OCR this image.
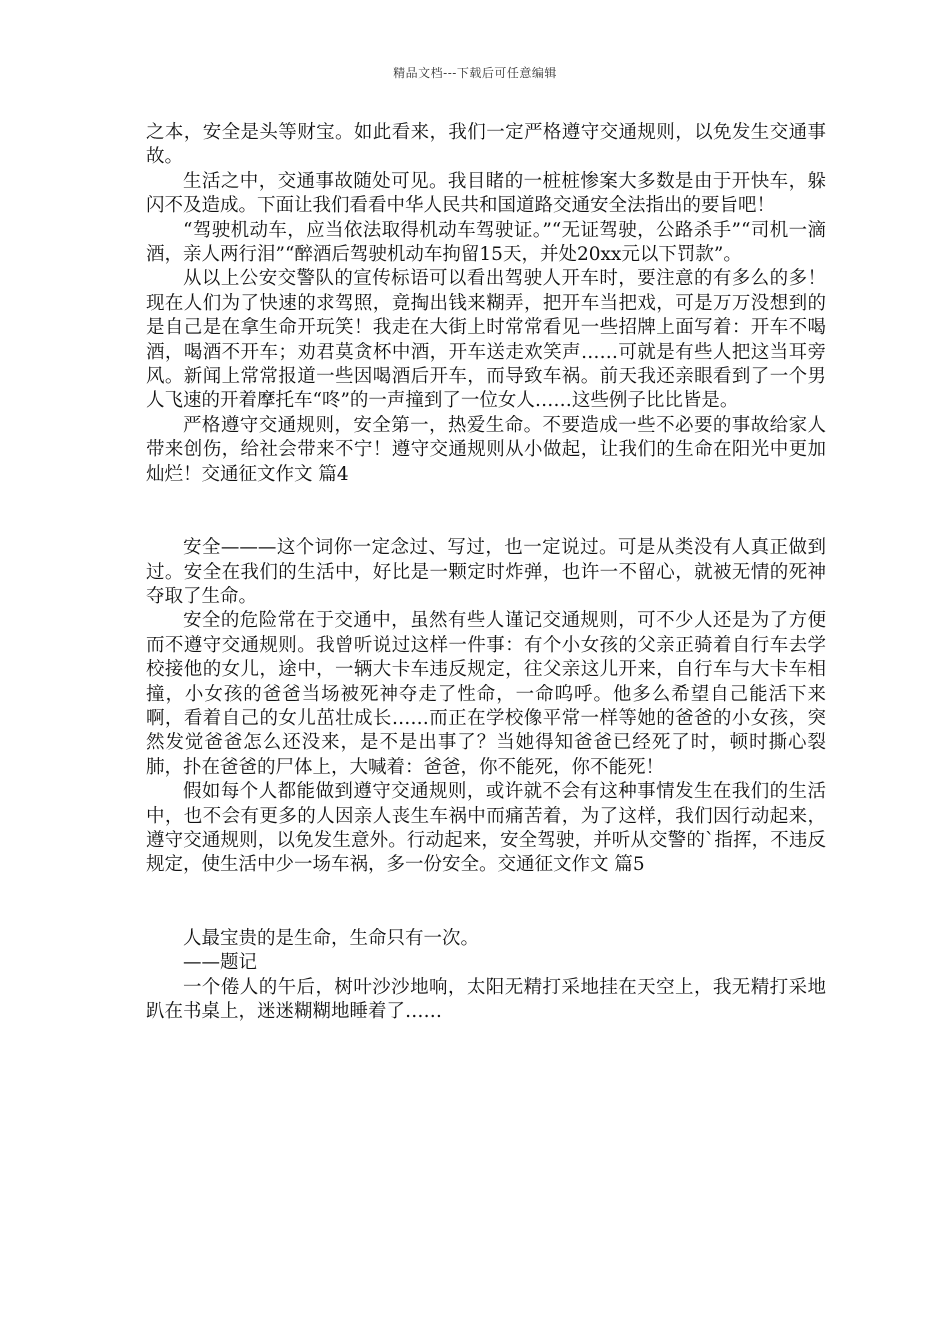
精品文档---下载后可任意编辑

之本，安全是头等财宝。如此看来，我们一定严格遵守交通规则，以免发生交通事故。

生活之中，交通事故随处可见。我目睹的一桩桩惨案大多数是由于开快车，躲闪不及造成。下面让我们看看中华人民共和国道路交通安全法指出的要旨吧！

“驾驶机动车，应当依法取得机动车驾驶证。”“无证驾驶，公路杀手”“司机一滴酒，亲人两行泪”“醉酒后驾驶机动车拘留15天，并处20xx元以下罚款”。

从以上公安交警队的宣传标语可以看出驾驶人开车时，要注意的有多么的多！现在人们为了快速的求驾照，竟掏出钱来糊弄，把开车当把戏，可是万万没想到的是自己是在拿生命开玩笑！我走在大街上时常常看见一些招牌上面写着：开车不喝酒，喝酒不开车；劝君莫贪杯中酒，开车送走欢笑声……可就是有些人把这当耳旁风。新闻上常常报道一些因喝酒后开车，而导致车祸。前天我还亲眼看到了一个男人飞速的开着摩托车“咚”的一声撞到了一位女人……这些例子比比皆是。

严格遵守交通规则，安全第一，热爱生命。不要造成一些不必要的事故给家人带来创伤，给社会带来不宁！遵守交通规则从小做起，让我们的生命在阳光中更加灿烂！交通征文作文 篇4

安全———这个词你一定念过、写过，也一定说过。可是从类没有人真正做到过。安全在我们的生活中，好比是一颗定时炸弹，也许一不留心，就被无情的死神夺取了生命。

安全的危险常在于交通中，虽然有些人谨记交通规则，可不少人还是为了方便而不遵守交通规则。我曾听说过这样一件事：有个小女孩的父亲正骑着自行车去学校接他的女儿，途中，一辆大卡车违反规定，往父亲这儿开来，自行车与大卡车相撞，小女孩的爸爸当场被死神夺走了性命，一命呜呼。他多么希望自己能活下来啊，看着自己的女儿茁壮成长……而正在学校像平常一样等她的爸爸的小女孩，突然发觉爸爸怎么还没来，是不是出事了？当她得知爸爸已经死了时，顿时撕心裂肺，扑在爸爸的尸体上，大喊着：爸爸，你不能死，你不能死！

假如每个人都能做到遵守交通规则，或许就不会有这种事情发生在我们的生活中，也不会有更多的人因亲人丧生车祸中而痛苦着，为了这样，我们因行动起来，遵守交通规则，以免发生意外。行动起来，安全驾驶，并听从交警的`指挥，不违反规定，使生活中少一场车祸，多一份安全。交通征文作文 篇5

人最宝贵的是生命，生命只有一次。

——题记

一个倦人的午后，树叶沙沙地响，太阳无精打采地挂在天空上，我无精打采地趴在书桌上，迷迷糊糊地睡着了……
